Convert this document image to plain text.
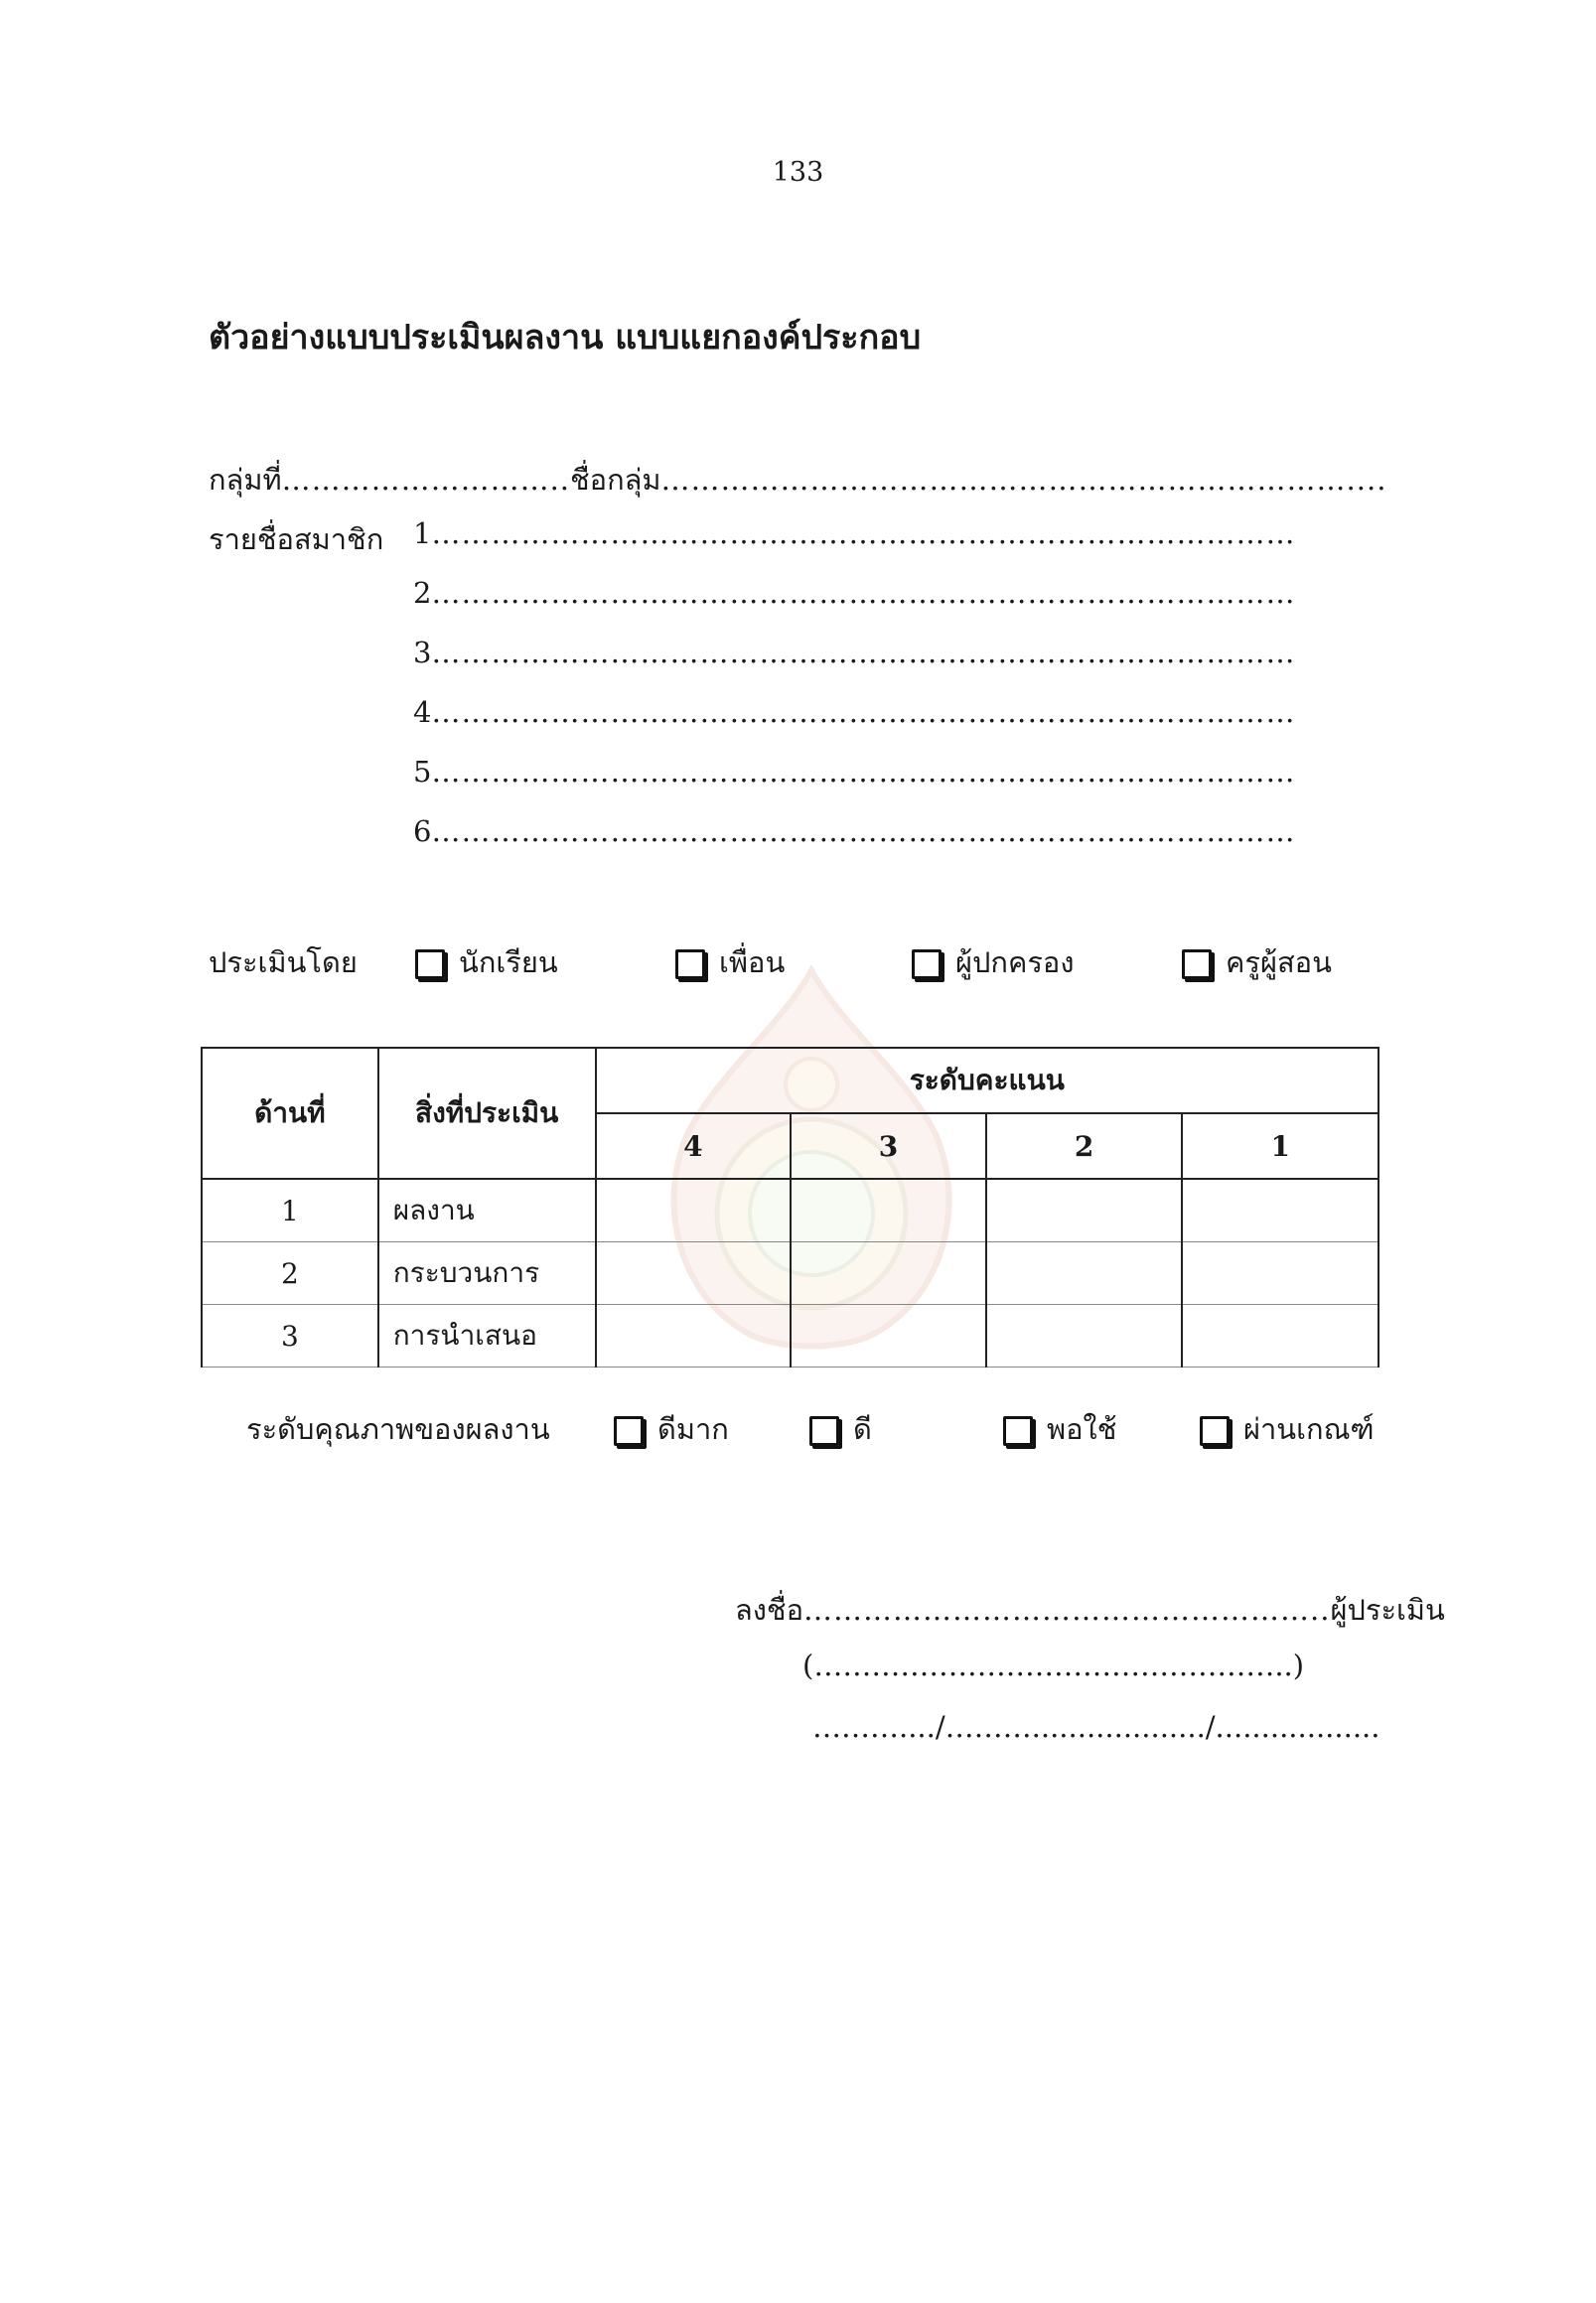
133
ตัวอย่างแบบประเมินผลงาน แบบแยกองค์ประกอบ
กลุ่มที่………………………..ชื่อกลุ่ม……………………………………………………………....
รายชื่อสมาชิก 1……………………………………………………………………………
2……………………………………………………………………………
3……………………………………………………………………………
4……………………………………………………………………………
5……………………………………………………………………………
6……………………………………………………………………………
ประเมินโดย	นักเรียน	เพื่อน	ผู้ปกครอง	ครูผู้สอน
ด้านที่	สิ่งที่ประเมิน	ระดับคะแนน			
		4	3	2	1
1	ผลงาน				
2	กระบวนการ				
3	การนำเสนอ				
ระดับคุณภาพของผลงาน	ดีมาก	ดี	พอใช้	ผ่านเกณฑ์
ลงชื่อ……………………………………………..ผู้ประเมิน
(…………………………………………..)
………..../……….................../..................
